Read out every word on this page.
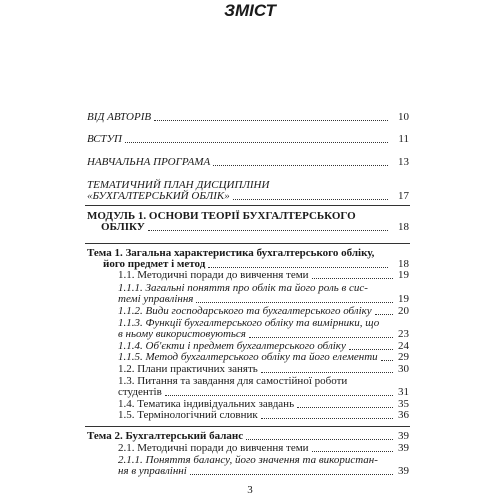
ЗМІСТ
ВІД АВТОРІВ	10
ВСТУП	11
НАВЧАЛЬНА ПРОГРАМА	13
ТЕМАТИЧНИЙ ПЛАН ДИСЦИПЛІНИ
«БУХГАЛТЕРСЬКИЙ ОБЛІК»	17
МОДУЛЬ 1. ОСНОВИ ТЕОРІЇ БУХГАЛТЕРСЬКОГО
ОБЛІКУ	18
Тема 1. Загальна характеристика бухгалтерського обліку,
його предмет і метод	18
1.1. Методичні поради до вивчення теми	19
1.1.1. Загальні поняття про облік та його роль в сис-
темі управління	19
1.1.2. Види господарського та бухгалтерського обліку	20
1.1.3. Функції бухгалтерського обліку та вимірники, що
в ньому використовуються	23
1.1.4. Об'єкти і предмет бухгалтерського обліку	24
1.1.5. Метод бухгалтерського обліку та його елементи	29
1.2. Плани практичних занять	30
1.3. Питання та завдання для самостійної роботи
студентів	31
1.4. Тематика індивідуальних завдань	35
1.5. Термінологічний словник	36
Тема 2. Бухгалтерський баланс	39
2.1. Методичні поради до вивчення теми	39
2.1.1. Поняття балансу, його значення та використан-
ня в управлінні	39
3
